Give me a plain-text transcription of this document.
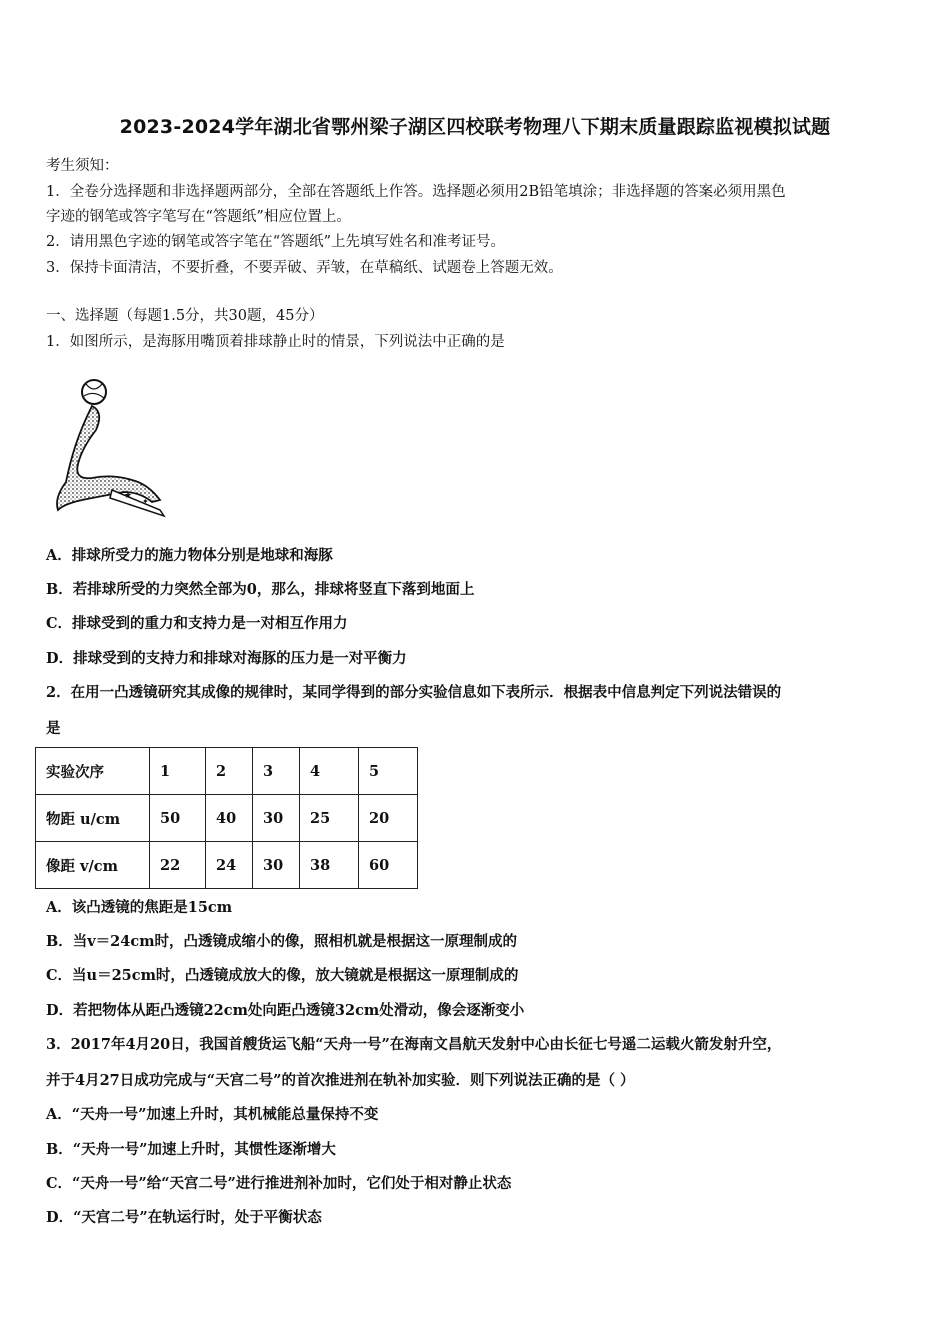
2023-2024学年湖北省鄂州梁子湖区四校联考物理八下期末质量跟踪监视模拟试题
考生须知：
1．全卷分选择题和非选择题两部分，全部在答题纸上作答。选择题必须用2B铅笔填涂；非选择题的答案必须用黑色
字迹的钢笔或答字笔写在“答题纸”相应位置上。
2．请用黑色字迹的钢笔或答字笔在“答题纸”上先填写姓名和准考证号。
3．保持卡面清洁，不要折叠，不要弄破、弄皱，在草稿纸、试题卷上答题无效。
一、选择题（每题1.5分，共30题，45分）
1．如图所示，是海豚用嘴顶着排球静止时的情景，下列说法中正确的是
★
✦
A．排球所受力的施力物体分别是地球和海豚
B．若排球所受的力突然全部为0，那么，排球将竖直下落到地面上
C．排球受到的重力和支持力是一对相互作用力
D．排球受到的支持力和排球对海豚的压力是一对平衡力
2．在用一凸透镜研究其成像的规律时，某同学得到的部分实验信息如下表所示．根据表中信息判定下列说法错误的
是
实验次序	1	2	3	4	5
物距 u/cm	50	40	30	25	20
像距 v/cm	22	24	30	38	60
A．该凸透镜的焦距是15cm
B．当v＝24cm时，凸透镜成缩小的像，照相机就是根据这一原理制成的
C．当u＝25cm时，凸透镜成放大的像，放大镜就是根据这一原理制成的
D．若把物体从距凸透镜22cm处向距凸透镜32cm处滑动，像会逐渐变小
3．2017年4月20日，我国首艘货运飞船“天舟一号”在海南文昌航天发射中心由长征七号遥二运载火箭发射升空，
并于4月27日成功完成与“天宫二号”的首次推进剂在轨补加实验．则下列说法正确的是（ ）
A．“天舟一号”加速上升时，其机械能总量保持不变
B．“天舟一号”加速上升时，其惯性逐渐增大
C．“天舟一号”给“天宫二号”进行推进剂补加时，它们处于相对静止状态
D．“天宫二号”在轨运行时，处于平衡状态
